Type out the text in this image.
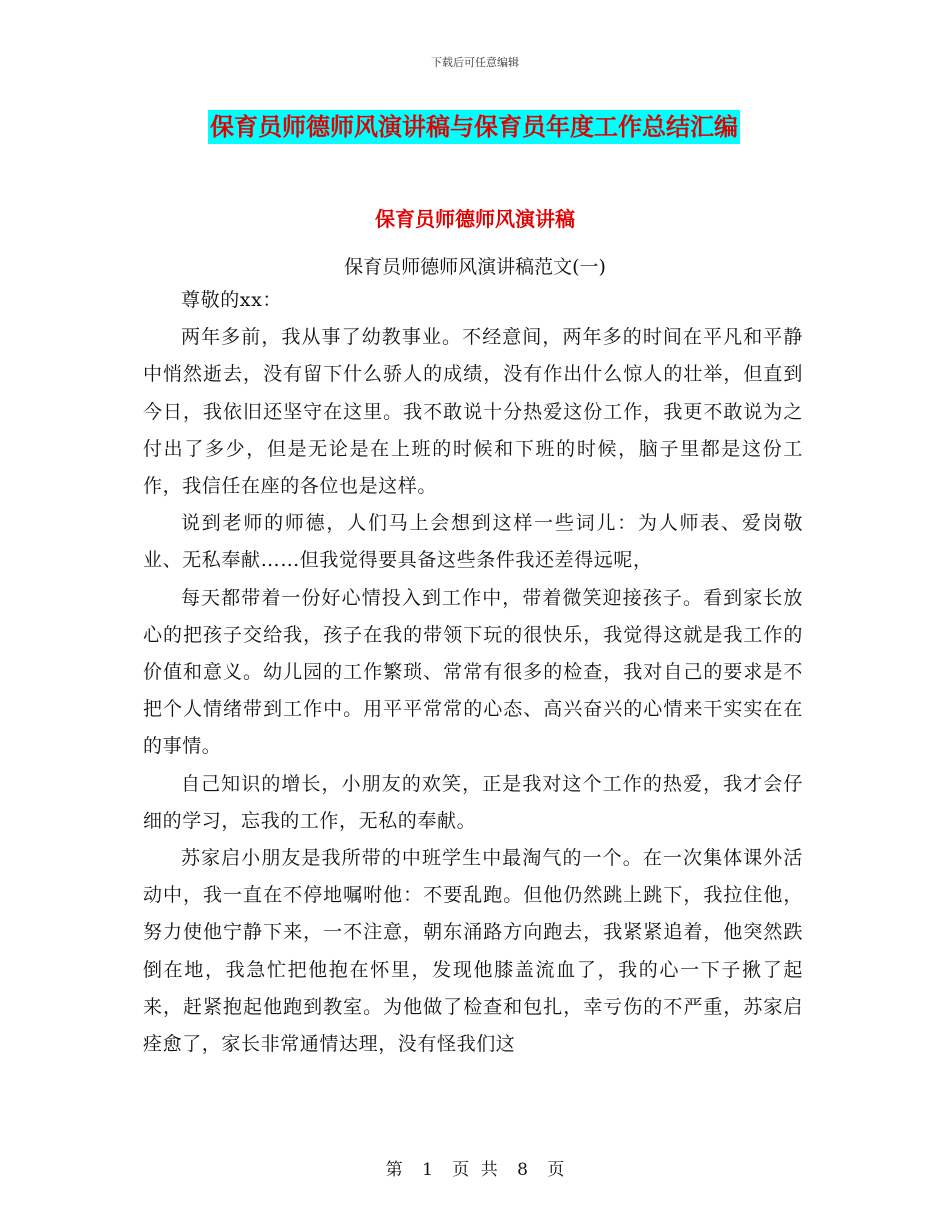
下载后可任意编辑
保育员师德师风演讲稿与保育员年度工作总结汇编
保育员师德师风演讲稿
保育员师德师风演讲稿范文(一)

尊敬的xx：

两年多前，我从事了幼教事业。不经意间，两年多的时间在平凡和平静中悄然逝去，没有留下什么骄人的成绩，没有作出什么惊人的壮举，但直到今日，我依旧还坚守在这里。我不敢说十分热爱这份工作，我更不敢说为之付出了多少，但是无论是在上班的时候和下班的时候，脑子里都是这份工作，我信任在座的各位也是这样。

说到老师的师德，人们马上会想到这样一些词儿：为人师表、爱岗敬业、无私奉献……但我觉得要具备这些条件我还差得远呢，

每天都带着一份好心情投入到工作中，带着微笑迎接孩子。看到家长放心的把孩子交给我，孩子在我的带领下玩的很快乐，我觉得这就是我工作的价值和意义。幼儿园的工作繁琐、常常有很多的检查，我对自己的要求是不把个人情绪带到工作中。用平平常常的心态、高兴奋兴的心情来干实实在在的事情。

自己知识的增长，小朋友的欢笑，正是我对这个工作的热爱，我才会仔细的学习，忘我的工作，无私的奉献。

苏家启小朋友是我所带的中班学生中最淘气的一个。在一次集体课外活动中，我一直在不停地嘱咐他：不要乱跑。但他仍然跳上跳下，我拉住他，努力使他宁静下来，一不注意，朝东涌路方向跑去，我紧紧追着，他突然跌倒在地，我急忙把他抱在怀里，发现他膝盖流血了，我的心一下子揪了起来，赶紧抱起他跑到教室。为他做了检查和包扎，幸亏伤的不严重，苏家启痊愈了，家长非常通情达理，没有怪我们这

第 1 页 共 8 页
